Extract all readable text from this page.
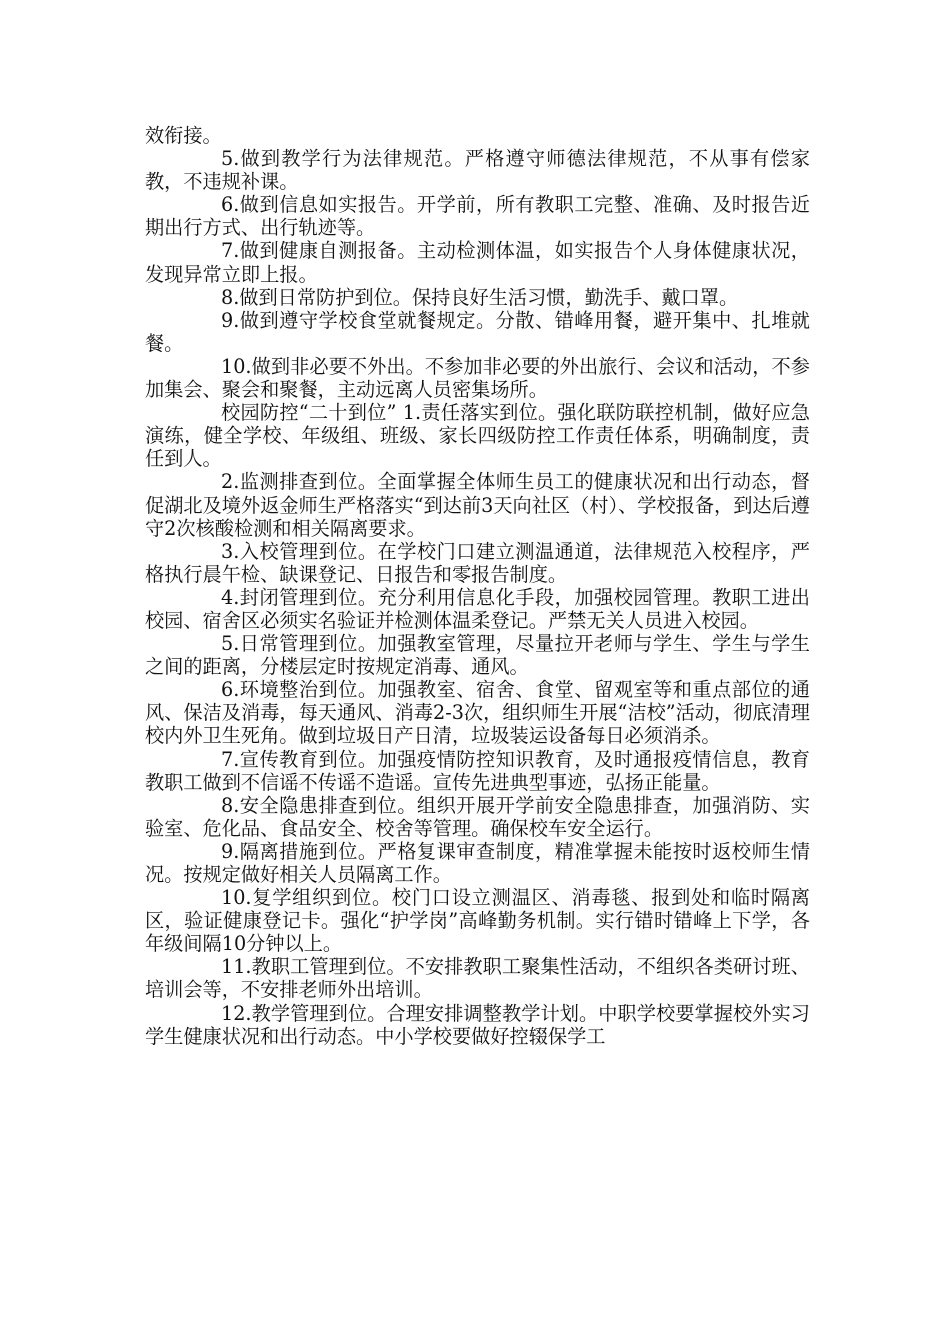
效衔接。

5.做到教学行为法律规范。严格遵守师德法律规范，不从事有偿家教，不违规补课。

6.做到信息如实报告。开学前，所有教职工完整、准确、及时报告近期出行方式、出行轨迹等。

7.做到健康自测报备。主动检测体温，如实报告个人身体健康状况，发现异常立即上报。

8.做到日常防护到位。保持良好生活习惯，勤洗手、戴口罩。

9.做到遵守学校食堂就餐规定。分散、错峰用餐，避开集中、扎堆就餐。

10.做到非必要不外出。不参加非必要的外出旅行、会议和活动，不参加集会、聚会和聚餐，主动远离人员密集场所。

校园防控“二十到位” 1.责任落实到位。强化联防联控机制，做好应急演练，健全学校、年级组、班级、家长四级防控工作责任体系，明确制度，责任到人。

2.监测排查到位。全面掌握全体师生员工的健康状况和出行动态，督促湖北及境外返金师生严格落实“到达前3天向社区（村）、学校报备，到达后遵守2次核酸检测和相关隔离要求。

3.入校管理到位。在学校门口建立测温通道，法律规范入校程序，严格执行晨午检、缺课登记、日报告和零报告制度。

4.封闭管理到位。充分利用信息化手段，加强校园管理。教职工进出校园、宿舍区必须实名验证并检测体温柔登记。严禁无关人员进入校园。

5.日常管理到位。加强教室管理，尽量拉开老师与学生、学生与学生之间的距离，分楼层定时按规定消毒、通风。

6.环境整治到位。加强教室、宿舍、食堂、留观室等和重点部位的通风、保洁及消毒，每天通风、消毒2-3次，组织师生开展“洁校”活动，彻底清理校内外卫生死角。做到垃圾日产日清，垃圾装运设备每日必须消杀。

7.宣传教育到位。加强疫情防控知识教育，及时通报疫情信息，教育教职工做到不信谣不传谣不造谣。宣传先进典型事迹，弘扬正能量。

8.安全隐患排查到位。组织开展开学前安全隐患排查，加强消防、实验室、危化品、食品安全、校舍等管理。确保校车安全运行。

9.隔离措施到位。严格复课审查制度，精准掌握未能按时返校师生情况。按规定做好相关人员隔离工作。

10.复学组织到位。校门口设立测温区、消毒毯、报到处和临时隔离区，验证健康登记卡。强化“护学岗”高峰勤务机制。实行错时错峰上下学，各年级间隔10分钟以上。

11.教职工管理到位。不安排教职工聚集性活动，不组织各类研讨班、培训会等，不安排老师外出培训。

12.教学管理到位。合理安排调整教学计划。中职学校要掌握校外实习学生健康状况和出行动态。中小学校要做好控辍保学工
